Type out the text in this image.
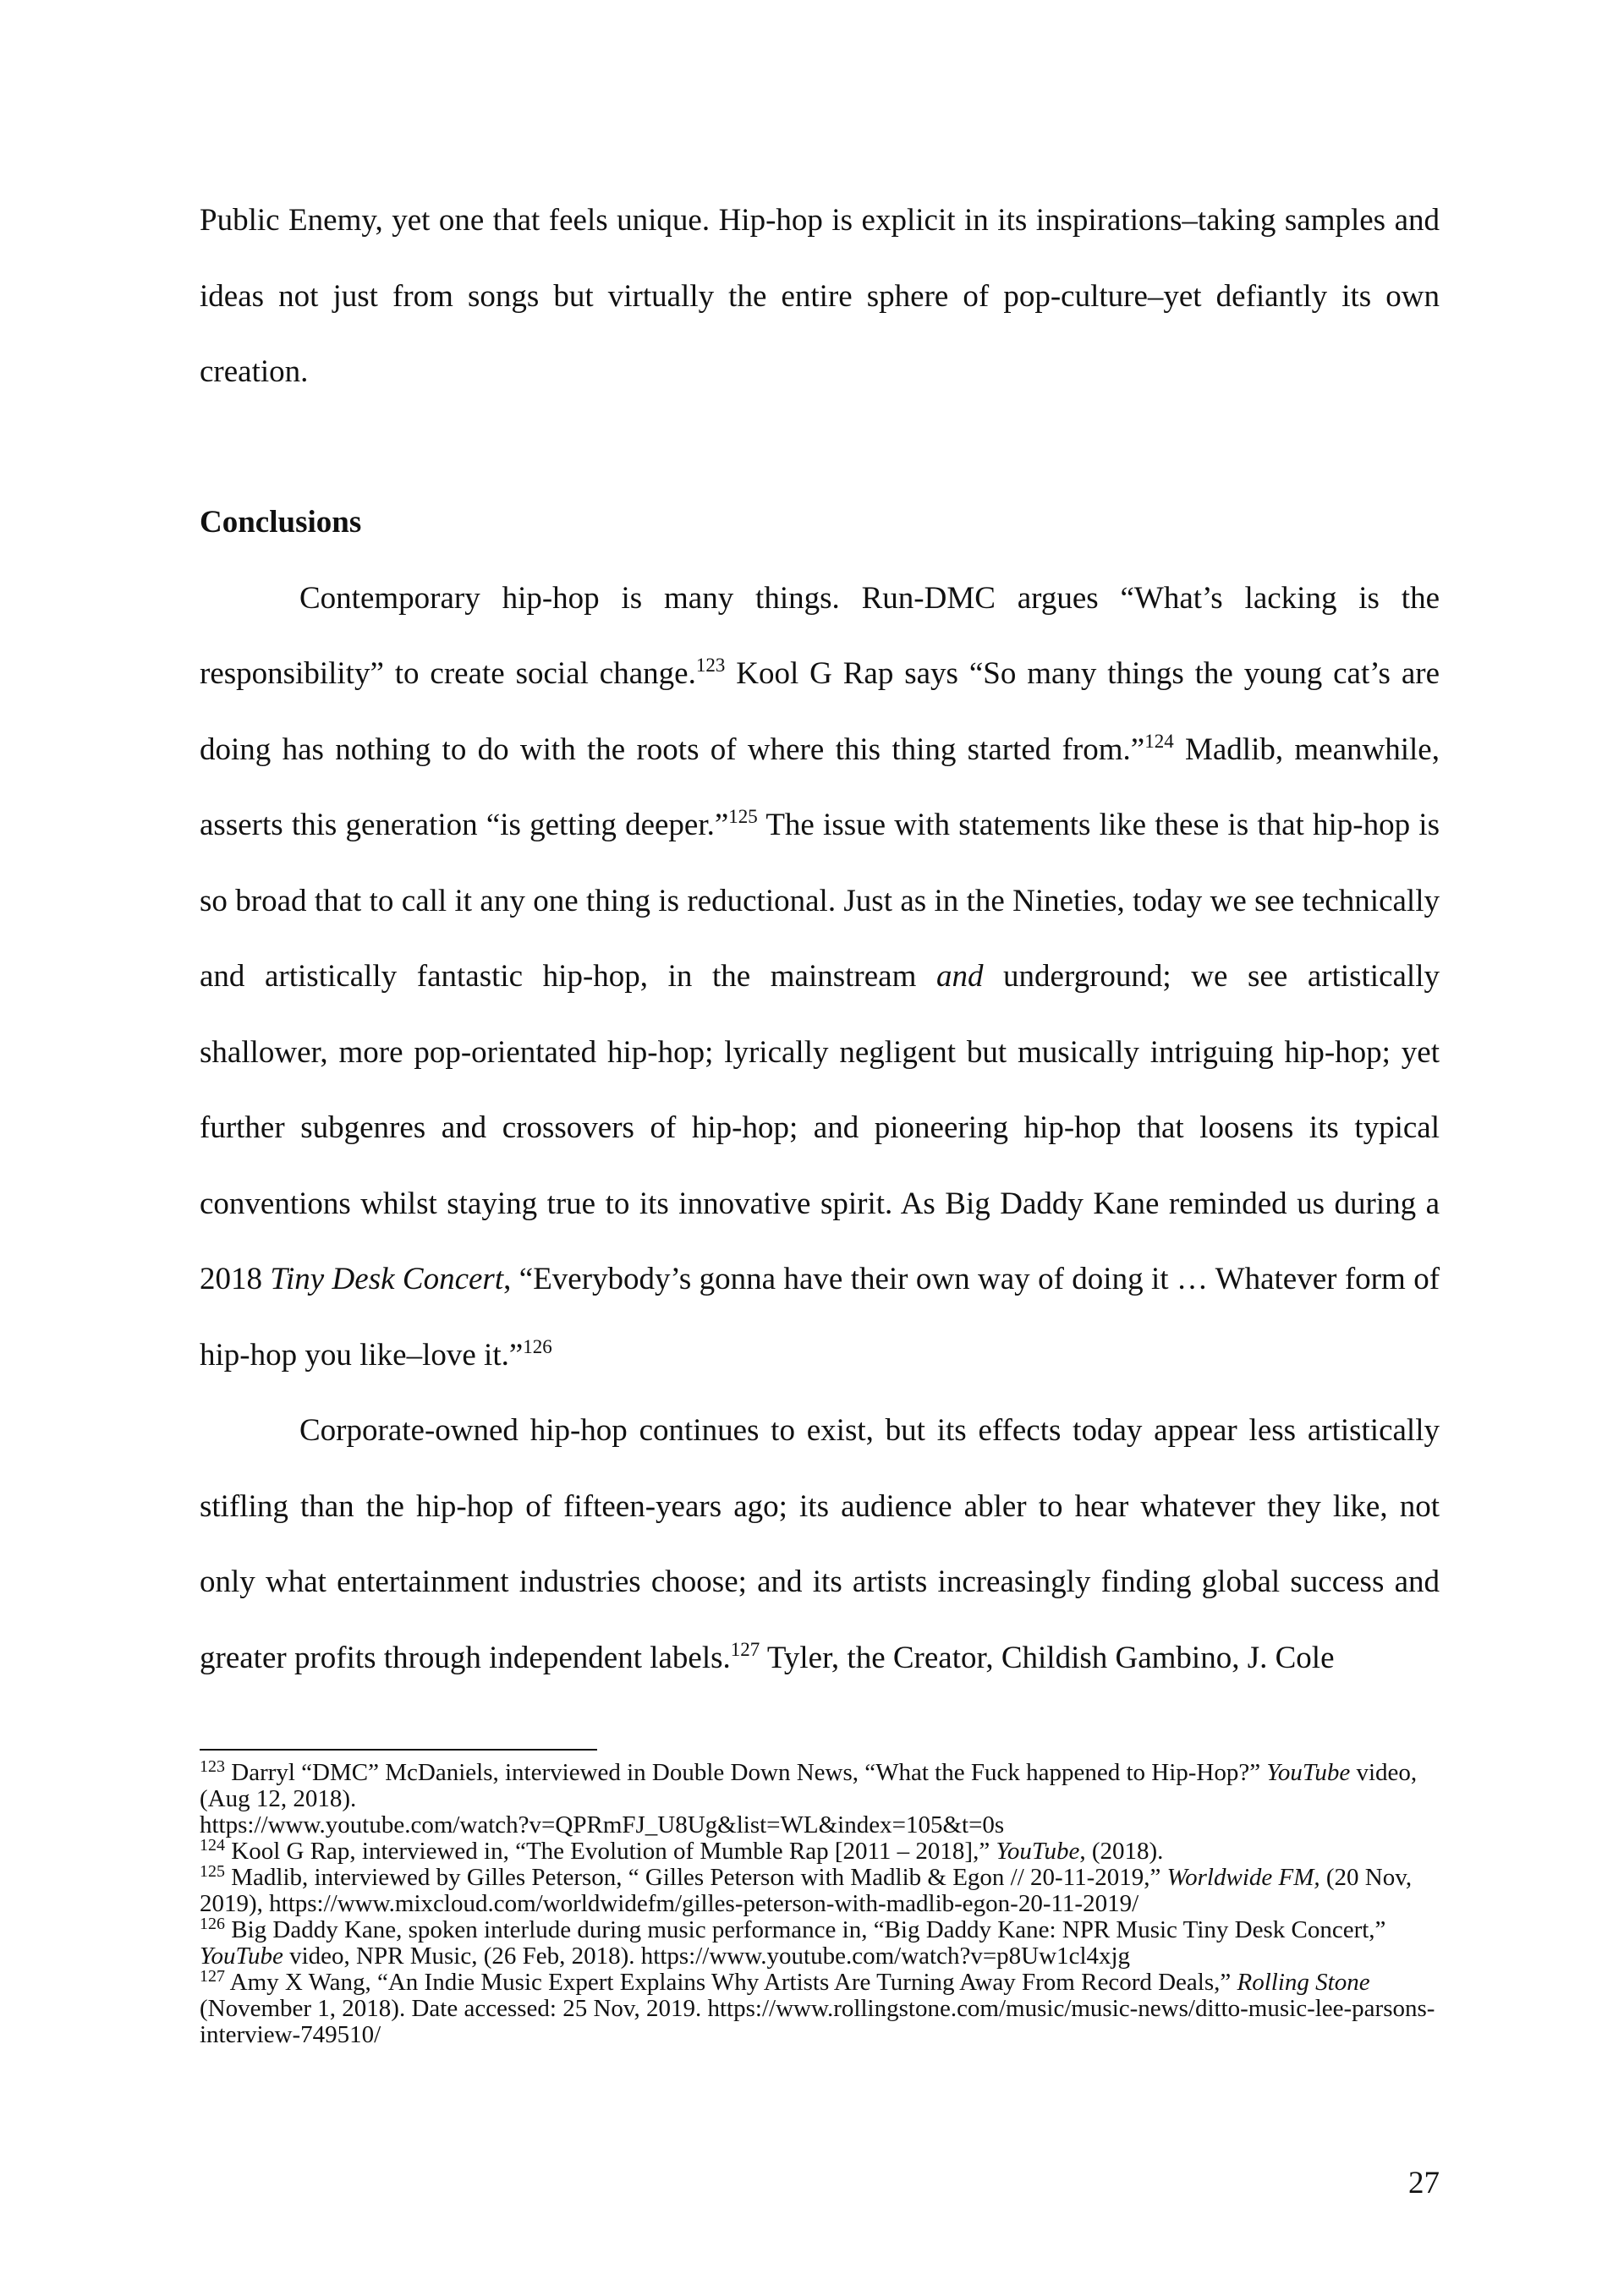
Public Enemy, yet one that feels unique. Hip-hop is explicit in its inspirations–taking samples and ideas not just from songs but virtually the entire sphere of pop-culture–yet defiantly its own creation.

Conclusions

Contemporary hip-hop is many things. Run-DMC argues “What’s lacking is the responsibility” to create social change.$^{123}$ Kool G Rap says “So many things the young cat’s are doing has nothing to do with the roots of where this thing started from.”$^{124}$ Madlib, meanwhile, asserts this generation “is getting deeper.”$^{125}$ The issue with statements like these is that hip-hop is so broad that to call it any one thing is reductional. Just as in the Nineties, today we see technically and artistically fantastic hip-hop, in the mainstream and underground; we see artistically shallower, more pop-orientated hip-hop; lyrically negligent but musically intriguing hip-hop; yet further subgenres and crossovers of hip-hop; and pioneering hip-hop that loosens its typical conventions whilst staying true to its innovative spirit. As Big Daddy Kane reminded us during a 2018 Tiny Desk Concert, “Everybody’s gonna have their own way of doing it … Whatever form of hip-hop you like–love it.”$^{126}$

Corporate-owned hip-hop continues to exist, but its effects today appear less artistically stifling than the hip-hop of fifteen-years ago; its audience abler to hear whatever they like, not only what entertainment industries choose; and its artists increasingly finding global success and greater profits through independent labels.$^{127}$ Tyler, the Creator, Childish Gambino, J. Cole

$^{123}$ Darryl “DMC” McDaniels, interviewed in Double Down News, “What the Fuck happened to Hip-Hop?” YouTube video, (Aug 12, 2018).
https://www.youtube.com/watch?v=QPRmFJ_U8Ug&list=WL&index=105&t=0s

$^{124}$ Kool G Rap, interviewed in, “The Evolution of Mumble Rap [2011 – 2018],” YouTube, (2018).

$^{125}$ Madlib, interviewed by Gilles Peterson, “ Gilles Peterson with Madlib & Egon // 20-11-2019,” Worldwide FM, (20 Nov, 2019), https://www.mixcloud.com/worldwidefm/gilles-peterson-with-madlib-egon-20-11-2019/

$^{126}$ Big Daddy Kane, spoken interlude during music performance in, “Big Daddy Kane: NPR Music Tiny Desk Concert,” YouTube video, NPR Music, (26 Feb, 2018). https://www.youtube.com/watch?v=p8Uw1cl4xjg

$^{127}$ Amy X Wang, “An Indie Music Expert Explains Why Artists Are Turning Away From Record Deals,” Rolling Stone (November 1, 2018). Date accessed: 25 Nov, 2019. https://www.rollingstone.com/music/music-news/ditto-music-lee-parsons-interview-749510/

27
